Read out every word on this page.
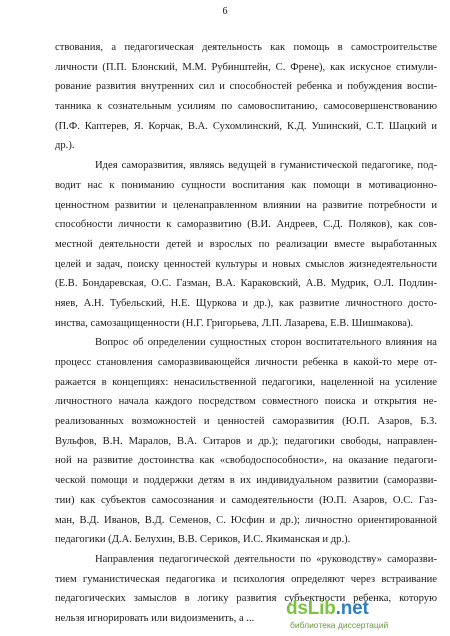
6
ствования, а педагогическая деятельность как помощь в самостроительстве
личности (П.П. Блонский, М.М. Рубинштейн, С. Френе), как искусное стимули-
рование развития внутренних сил и способностей ребенка и побуждения воспи-
танника к сознательным усилиям по самовоспитанию, самосовершенствованию
(П.Ф. Каптерев, Я. Корчак, В.А. Сухомлинский, К.Д. Ушинский, С.Т. Шацкий и
др.).
Идея саморазвития, являясь ведущей в гуманистической педагогике, под-
водит нас к пониманию сущности воспитания как помощи в мотивационно-
ценностном развитии и целенаправленном влиянии на развитие потребности и
способности личности к саморазвитию (В.И. Андреев, С.Д. Поляков), как сов-
местной деятельности детей и взрослых по реализации вместе выработанных
целей и задач, поиску ценностей культуры и новых смыслов жизнедеятельности
(Е.В. Бондаревская, О.С. Газман, В.А. Караковский, А.В. Мудрик, О.Л. Подлин-
няев, А.Н. Тубельский, Н.Е. Щуркова и др.), как развитие личностного досто-
инства, самозащищенности (Н.Г. Григорьева, Л.П. Лазарева, Е.В. Шишмакова).
Вопрос об определении сущностных сторон воспитательного влияния на
процесс становления саморазвивающейся личности ребенка в какой-то мере от-
ражается в концепциях: ненасильственной педагогики, нацеленной на усиление
личностного начала каждого посредством совместного поиска и открытия не-
реализованных возможностей и ценностей саморазвития (Ю.П. Азаров, Б.З.
Вульфов, В.Н. Маралов, В.А. Ситаров и др.); педагогики свободы, направлен-
ной на развитие достоинства как «свободоспособности», на оказание педагоги-
ческой помощи и поддержки детям в их индивидуальном развитии (саморазви-
тии) как субъектов самосознания и самодеятельности (Ю.П. Азаров, О.С. Газ-
ман, В.Д. Иванов, В.Д. Семенов, С. Юсфин и др.); личностно ориентированной
педагогики (Д.А. Белухин, В.В. Сериков, И.С. Якиманская и др.).
Направления педагогической деятельности по «руководству» саморазви-
тием гуманистическая педагогика и психология определяют через встраивание
педагогических замыслов в логику развития субъектности ребенка, которую
нельзя игнорировать или видоизменить, а ...	dsLib.net
библиотека диссертаций
